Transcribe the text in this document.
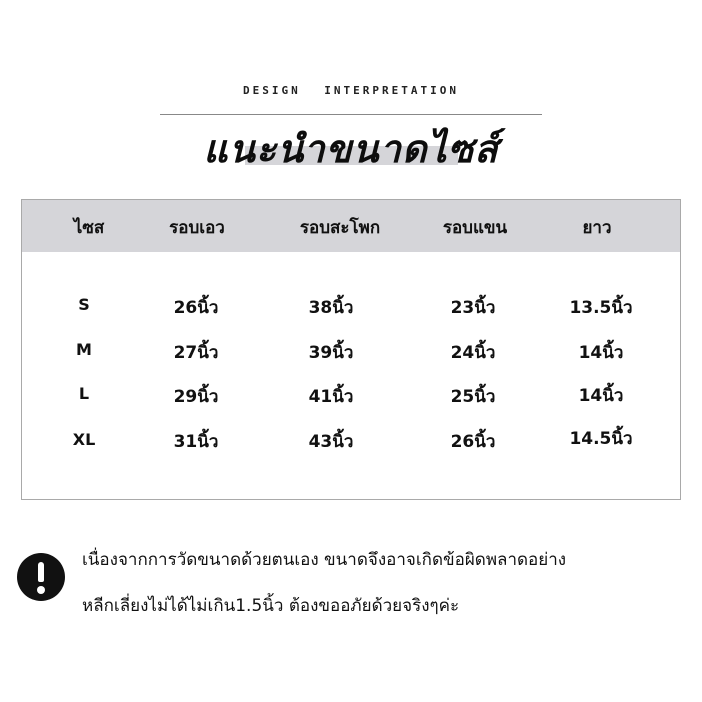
DESIGN INTERPRETATION
แนะนำขนาดไซส์
ไซส	รอบเอว	รอบสะโพก	รอบแขน	ยาว
S	26นิ้ว	38นิ้ว	23นิ้ว	13.5นิ้ว
M	27นิ้ว	39นิ้ว	24นิ้ว	14นิ้ว
L	29นิ้ว	41นิ้ว	25นิ้ว	14นิ้ว
XL	31นิ้ว	43นิ้ว	26นิ้ว	14.5นิ้ว
เนื่องจากการวัดขนาดด้วยตนเอง ขนาดจึงอาจเกิดข้อผิดพลาดอย่าง
หลีกเลี่ยงไม่ได้ไม่เกิน1.5นิ้ว ต้องขออภัยด้วยจริงๆค่ะ
